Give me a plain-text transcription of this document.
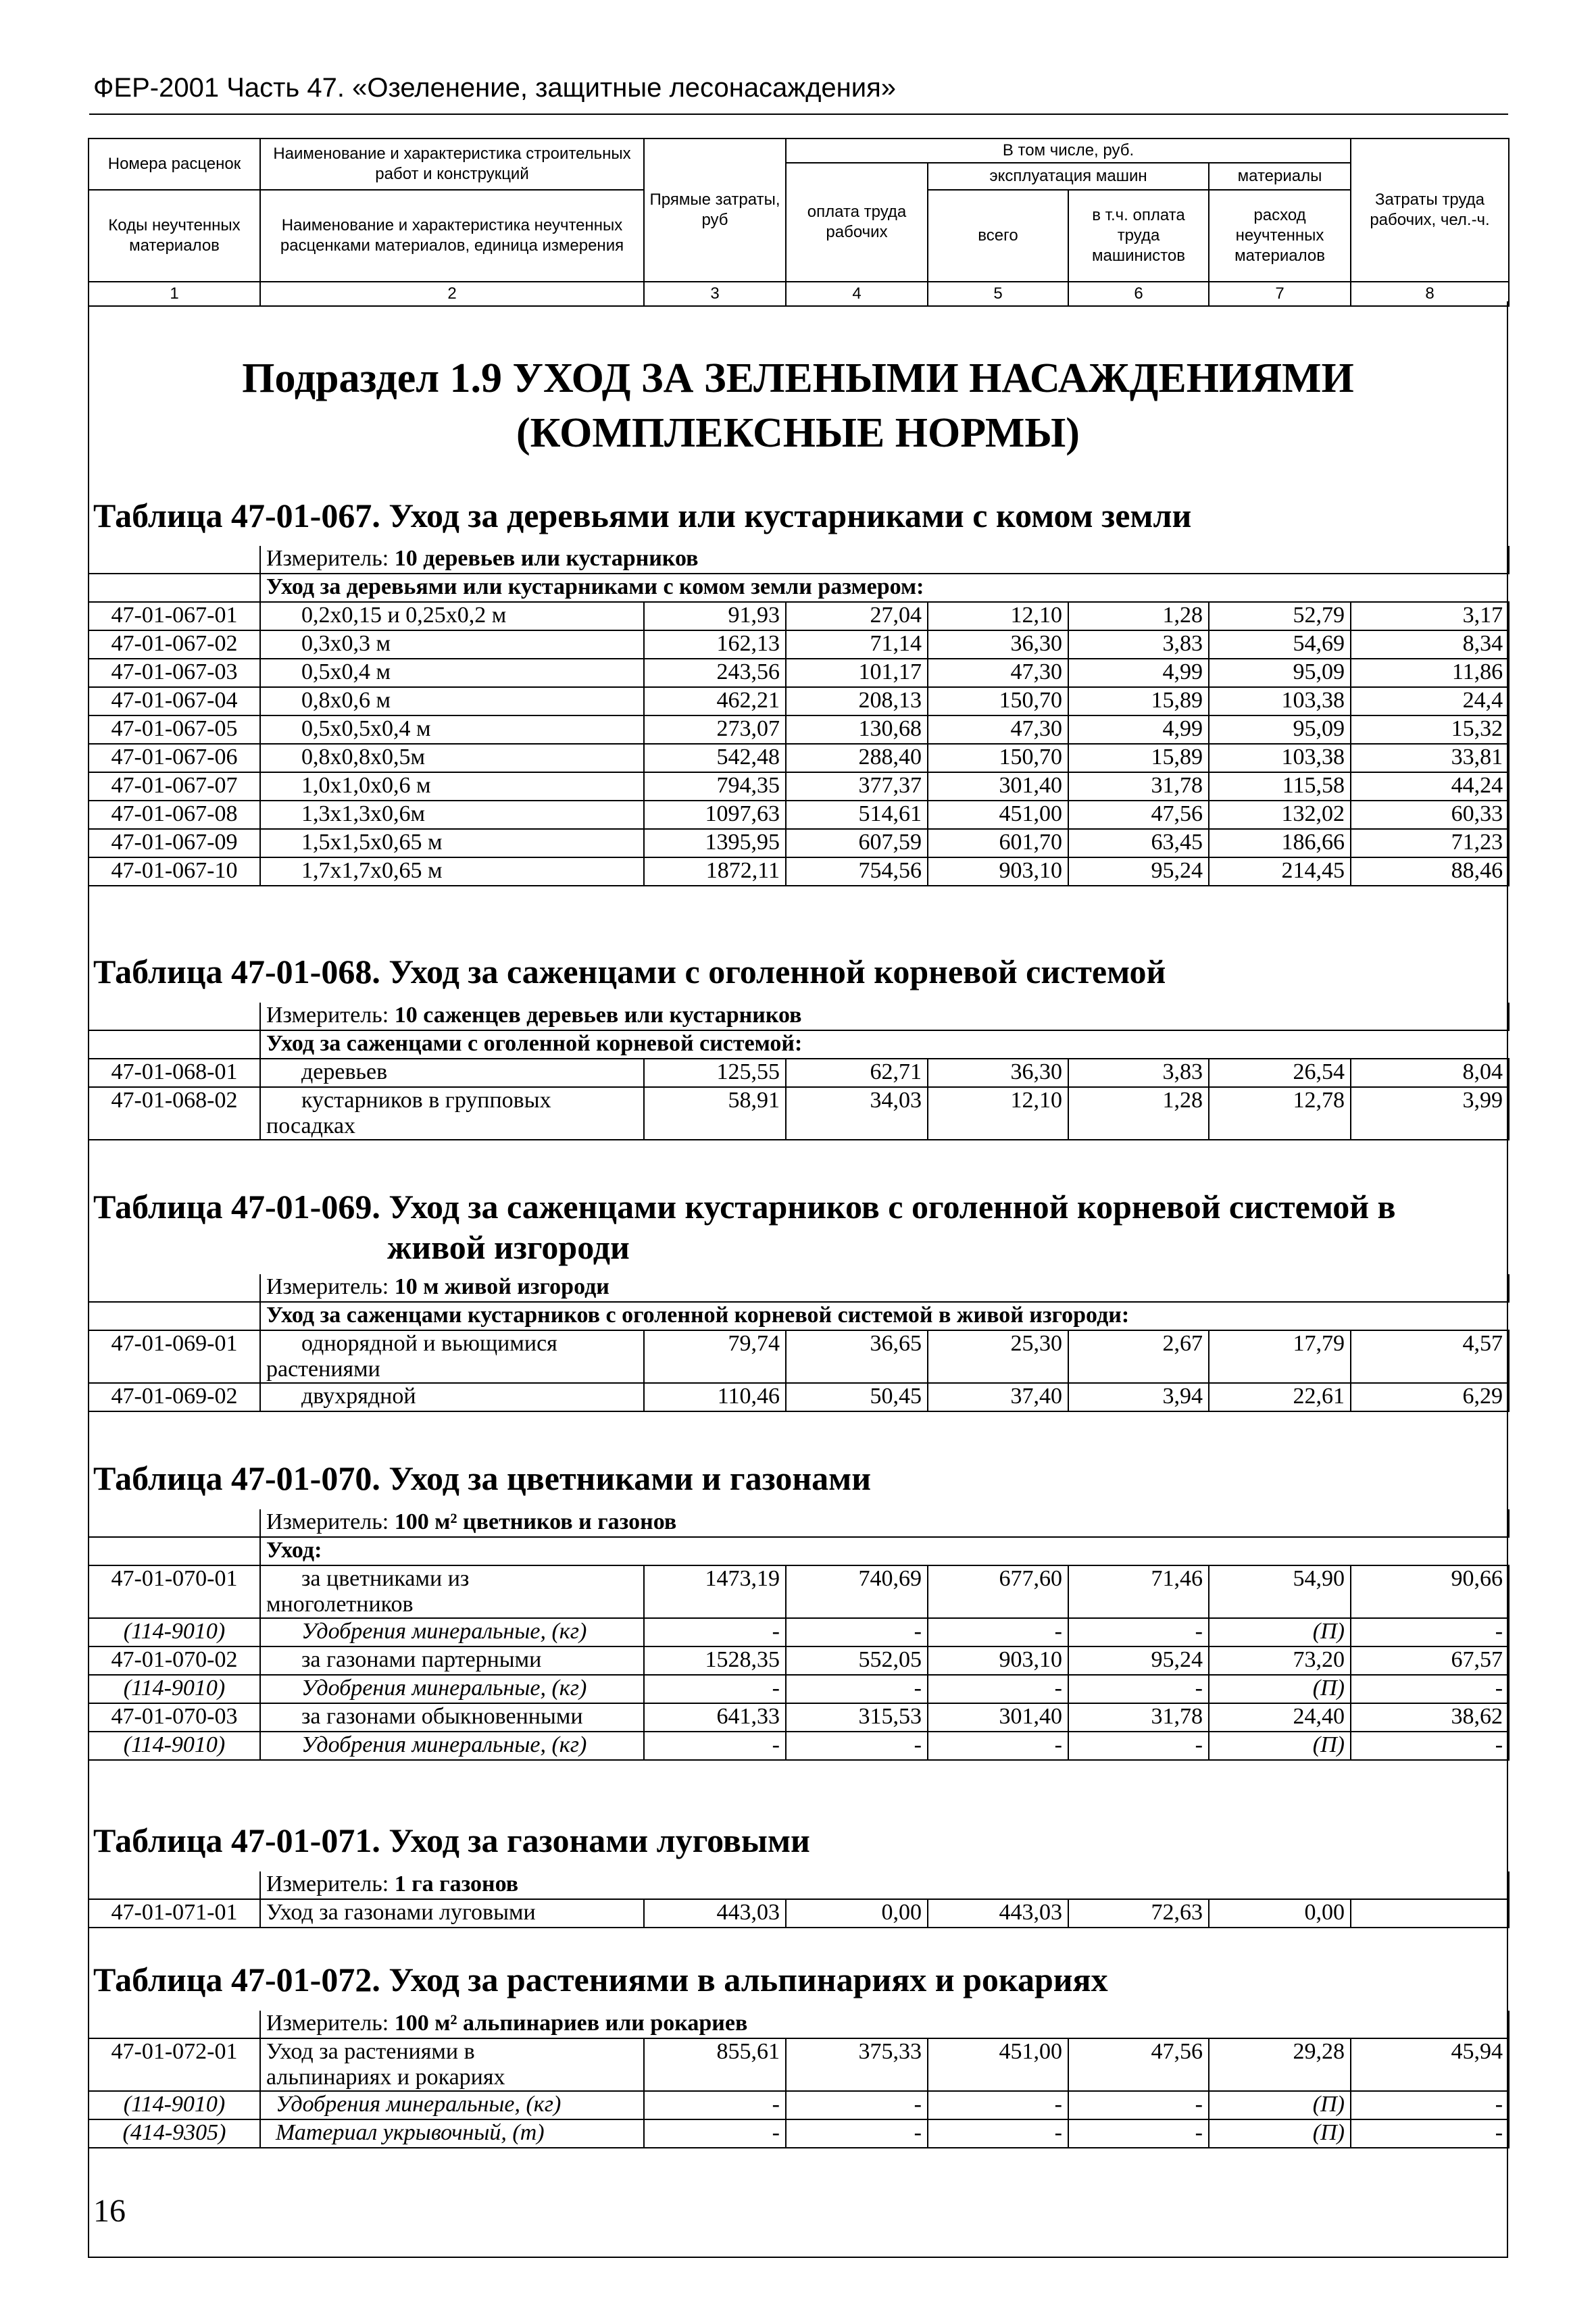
ФЕР-2001 Часть 47. «Озеленение, защитные лесонасаждения»
Номера расценок	Наименование и характеристика строительных работ и конструкций	Прямые затраты, руб	В том числе, руб.				Затраты труда рабочих, чел.-ч.
			оплата труда рабочих	эксплуатация машин		материалы	
Коды неучтенных материалов	Наименование и характеристика неучтенных расценками материалов, единица измерения			всего	в т.ч. оплата труда машинистов	расход неучтенных материалов	

1	2	3	4	5	6	7	8
Подраздел 1.9 УХОД ЗА ЗЕЛЕНЫМИ НАСАЖДЕНИЯМИ
(КОМПЛЕКСНЫЕ НОРМЫ)
Таблица 47-01-067. Уход за деревьями или кустарниками с комом земли
	Измеритель: 10 деревьев или кустарников						
	Уход за деревьями или кустарниками с комом земли размером:						
47-01-067-01	0,2x0,15 и 0,25x0,2 м	91,93	27,04	12,10	1,28	52,79	3,17
47-01-067-02	0,3x0,3 м	162,13	71,14	36,30	3,83	54,69	8,34
47-01-067-03	0,5x0,4 м	243,56	101,17	47,30	4,99	95,09	11,86
47-01-067-04	0,8x0,6 м	462,21	208,13	150,70	15,89	103,38	24,4
47-01-067-05	0,5x0,5x0,4 м	273,07	130,68	47,30	4,99	95,09	15,32
47-01-067-06	0,8x0,8x0,5м	542,48	288,40	150,70	15,89	103,38	33,81
47-01-067-07	1,0x1,0x0,6 м	794,35	377,37	301,40	31,78	115,58	44,24
47-01-067-08	1,3x1,3x0,6м	1097,63	514,61	451,00	47,56	132,02	60,33
47-01-067-09	1,5x1,5x0,65 м	1395,95	607,59	601,70	63,45	186,66	71,23
47-01-067-10	1,7x1,7x0,65 м	1872,11	754,56	903,10	95,24	214,45	88,46
Таблица 47-01-068. Уход за саженцами с оголенной корневой системой
	Измеритель: 10 саженцев деревьев или кустарников						
	Уход за саженцами с оголенной корневой системой:						
47-01-068-01	деревьев	125,55	62,71	36,30	3,83	26,54	8,04
47-01-068-02	кустарников в групповых
посадках	58,91	34,03	12,10	1,28	12,78	3,99
Таблица 47-01-069. Уход за саженцами кустарников с оголенной корневой системой в
живой изгороди
	Измеритель: 10 м живой изгороди						
	Уход за саженцами кустарников с оголенной корневой системой в живой изгороди:						
47-01-069-01	однорядной и вьющимися
растениями	79,74	36,65	25,30	2,67	17,79	4,57
47-01-069-02	двухрядной	110,46	50,45	37,40	3,94	22,61	6,29
Таблица 47-01-070. Уход за цветниками и газонами
	Измеритель: 100 м² цветников и газонов						
	Уход:						
47-01-070-01	за цветниками из
многолетников	1473,19	740,69	677,60	71,46	54,90	90,66
(114-9010)	Удобрения минеральные, (кг)	-	-	-	-	(П)	-
47-01-070-02	за газонами партерными	1528,35	552,05	903,10	95,24	73,20	67,57
(114-9010)	Удобрения минеральные, (кг)	-	-	-	-	(П)	-
47-01-070-03	за газонами обыкновенными	641,33	315,53	301,40	31,78	24,40	38,62
(114-9010)	Удобрения минеральные, (кг)	-	-	-	-	(П)	-
Таблица 47-01-071. Уход за газонами луговыми
	Измеритель: 1 га газонов						
47-01-071-01	Уход за газонами луговыми	443,03	0,00	443,03	72,63	0,00	
Таблица 47-01-072. Уход за растениями в альпинариях и рокариях
	Измеритель: 100 м² альпинариев или рокариев						
47-01-072-01	Уход за растениями в
альпинариях и рокариях	855,61	375,33	451,00	47,56	29,28	45,94
(114-9010)	Удобрения минеральные, (кг)	-	-	-	-	(П)	-
(414-9305)	Материал укрывочный, (т)	-	-	-	-	(П)	-
16
